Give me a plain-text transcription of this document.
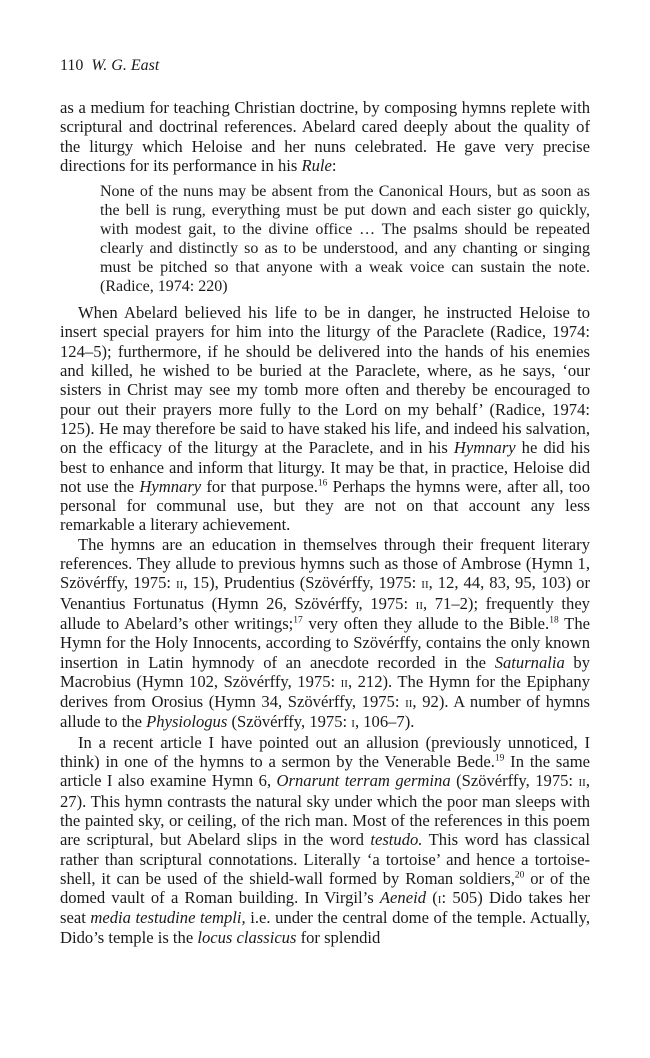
110 W. G. East

as a medium for teaching Christian doctrine, by composing hymns replete with scriptural and doctrinal references. Abelard cared deeply about the quality of the liturgy which Heloise and her nuns celebrated. He gave very precise directions for its performance in his Rule:

None of the nuns may be absent from the Canonical Hours, but as soon as the bell is rung, everything must be put down and each sister go quickly, with modest gait, to the divine office … The psalms should be repeated clearly and distinctly so as to be understood, and any chanting or singing must be pitched so that anyone with a weak voice can sustain the note. (Radice, 1974: 220)

When Abelard believed his life to be in danger, he instructed Heloise to insert special prayers for him into the liturgy of the Paraclete (Radice, 1974: 124–5); furthermore, if he should be delivered into the hands of his enemies and killed, he wished to be buried at the Paraclete, where, as he says, ‘our sisters in Christ may see my tomb more often and thereby be encouraged to pour out their prayers more fully to the Lord on my behalf’ (Radice, 1974: 125). He may therefore be said to have staked his life, and indeed his salvation, on the efficacy of the liturgy at the Paraclete, and in his Hymnary he did his best to enhance and inform that liturgy. It may be that, in practice, Heloise did not use the Hymnary for that purpose.$^{16}$ Perhaps the hymns were, after all, too personal for communal use, but they are not on that account any less remarkable a literary achievement.

The hymns are an education in themselves through their frequent literary references. They allude to previous hymns such as those of Ambrose (Hymn 1, Szövérffy, 1975: ii, 15), Prudentius (Szövérffy, 1975: ii, 12, 44, 83, 95, 103) or Venantius Fortunatus (Hymn 26, Szövérffy, 1975: ii, 71–2); frequently they allude to Abelard’s other writings;$^{17}$ very often they allude to the Bible.$^{18}$ The Hymn for the Holy Innocents, according to Szövérffy, contains the only known insertion in Latin hymnody of an anecdote recorded in the Saturnalia by Macrobius (Hymn 102, Szövérffy, 1975: ii, 212). The Hymn for the Epiphany derives from Orosius (Hymn 34, Szövérffy, 1975: ii, 92). A number of hymns allude to the Physiologus (Szövérffy, 1975: i, 106–7).

In a recent article I have pointed out an allusion (previously unnoticed, I think) in one of the hymns to a sermon by the Venerable Bede.$^{19}$ In the same article I also examine Hymn 6, Ornarunt terram germina (Szövérffy, 1975: ii, 27). This hymn contrasts the natural sky under which the poor man sleeps with the painted sky, or ceiling, of the rich man. Most of the references in this poem are scriptural, but Abelard slips in the word testudo. This word has classical rather than scriptural connotations. Literally ‘a tortoise’ and hence a tortoise-shell, it can be used of the shield-wall formed by Roman soldiers,$^{20}$ or of the domed vault of a Roman building. In Virgil’s Aeneid (i: 505) Dido takes her seat media testudine templi, i.e. under the central dome of the temple. Actually, Dido’s temple is the locus classicus for splendid
